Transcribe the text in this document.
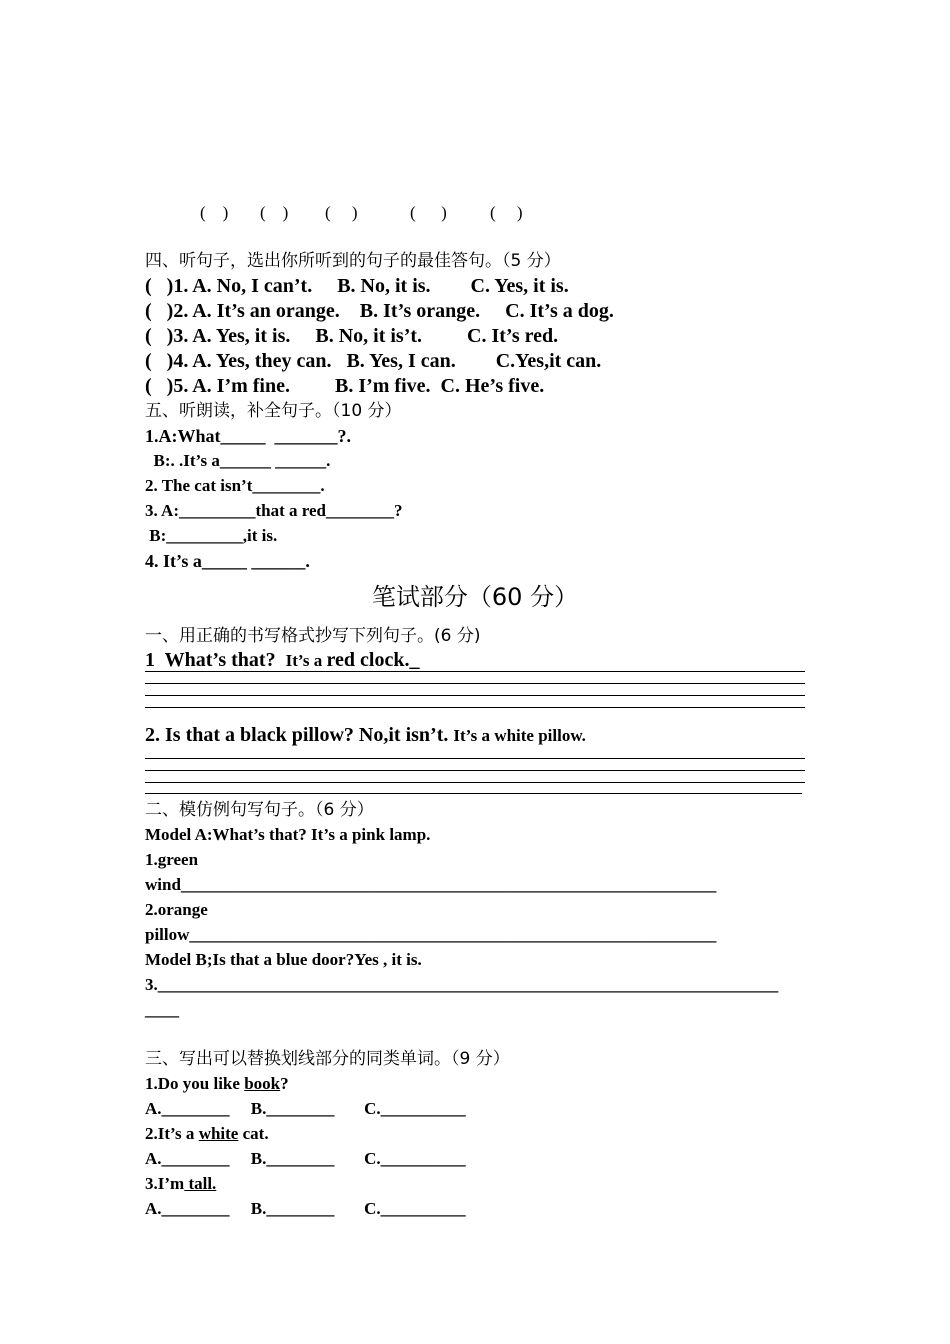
(    ) (    ) (     )	(      )	(     )
四、听句子，选出你所听到的句子的最佳答句。（5 分）
(   )1. A. No, I can’t.     B. No, it is.        C. Yes, it is.
(   )2. A. It’s an orange.    B. It’s orange.     C. It’s a dog.
(   )3. A. Yes, it is.     B. No, it is’t.         C. It’s red.
(   )4. A. Yes, they can.   B. Yes, I can.        C.Yes,it can.
(   )5. A. I’m fine.         B. I’m five.  C. He’s five.
五、听朗读，补全句子。（10 分）
1.A:What_____  _______?.
B:. .It’s a______ ______.
2. The cat isn’t________.
3. A:_________that a red________?
B:_________,it is.
4. It’s a_____ ______.
笔试部分（60 分）
一、用正确的书写格式抄写下列句子。(6 分)
1  What’s that?  It’s a red clock._
2. Is that a black pillow? No,it isn’t. It’s a white pillow.
二、模仿例句写句子。（6 分）
Model A:What’s that? It’s a pink lamp.
1.green
wind_______________________________________________________________
2.orange
pillow______________________________________________________________
Model B;Is that a blue door?Yes , it is.
3._________________________________________________________________________
____
三、写出可以替换划线部分的同类单词。（9 分）
1.Do you like book?
A.________     B.________       C.__________
2.It’s a white cat.
A.________     B.________       C.__________
3.I’m tall.
A.________     B.________       C.__________
